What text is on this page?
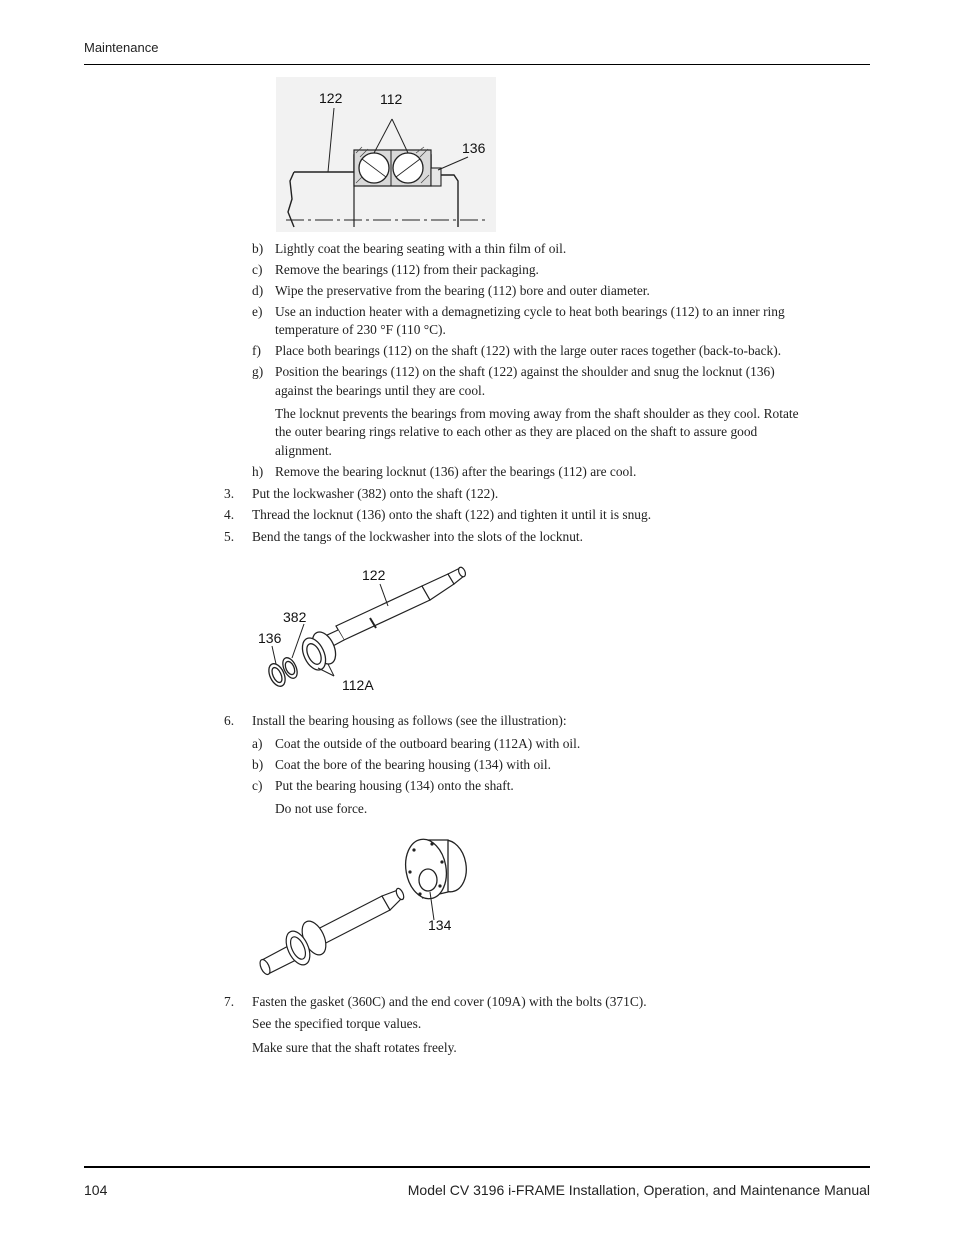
Maintenance
122	112
136
b) Lightly coat the bearing seating with a thin film of oil.
c) Remove the bearings (112) from their packaging.
d) Wipe the preservative from the bearing (112) bore and outer diameter.
e) Use an induction heater with a demagnetizing cycle to heat both bearings (112) to an inner ring
temperature of 230 °F (110 °C).
f) Place both bearings (112) on the shaft (122) with the large outer races together (back-to-back).
g) Position the bearings (112) on the shaft (122) against the shoulder and snug the locknut (136)
against the bearings until they are cool.
The locknut prevents the bearings from moving away from the shaft shoulder as they cool. Rotate
the outer bearing rings relative to each other as they are placed on the shaft to assure good
alignment.
h) Remove the bearing locknut (136) after the bearings (112) are cool.
3. Put the lockwasher (382) onto the shaft (122).
4. Thread the locknut (136) onto the shaft (122) and tighten it until it is snug.
5. Bend the tangs of the lockwasher into the slots of the locknut.
122
382
136
112A
6. Install the bearing housing as follows (see the illustration):
a) Coat the outside of the outboard bearing (112A) with oil.
b) Coat the bore of the bearing housing (134) with oil.
c) Put the bearing housing (134) onto the shaft.
Do not use force.
134
7. Fasten the gasket (360C) and the end cover (109A) with the bolts (371C).
See the specified torque values.
Make sure that the shaft rotates freely.
104	Model CV 3196 i-FRAME Installation, Operation, and Maintenance Manual
